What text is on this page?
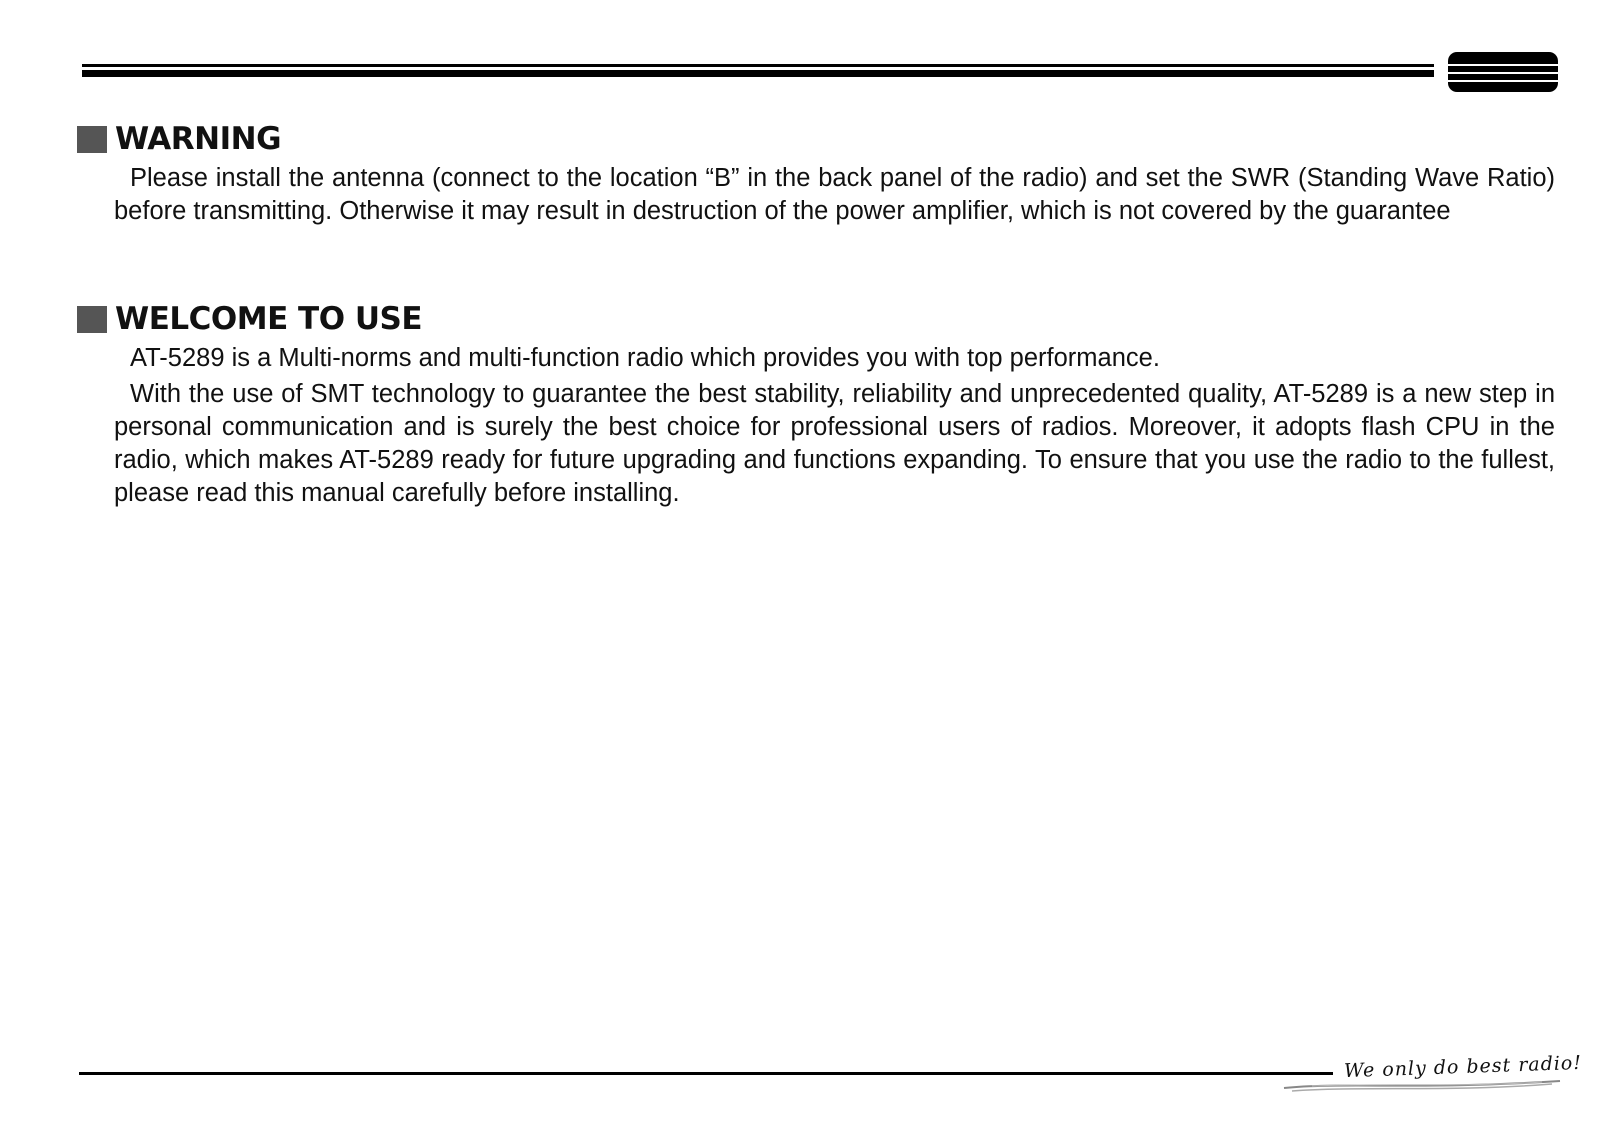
WARNING

Please install the antenna (connect to the location “B” in the back panel of the radio) and set the SWR (Standing Wave Ratio) before transmitting. Otherwise it may result in destruction of the power amplifier, which is not covered by the guarantee

WELCOME TO USE

AT-5289 is a Multi-norms and multi-function radio which provides you with top performance.

With the use of SMT technology to guarantee the best stability, reliability and unprecedented quality, AT-5289 is a new step in personal communication and is surely the best choice for professional users of radios. Moreover, it adopts flash CPU in the radio, which makes AT-5289 ready for future upgrading and functions expanding. To ensure that you use the radio to the fullest, please read this manual carefully before installing.

We only do best radio!
